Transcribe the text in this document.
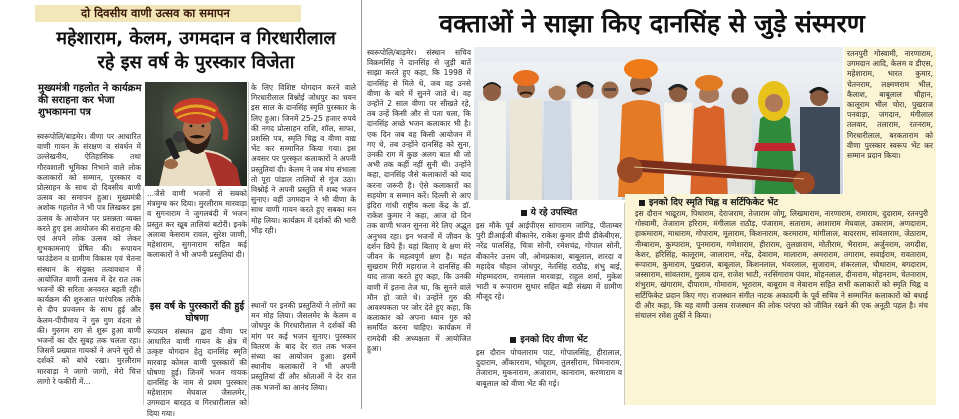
दो दिवसीय वाणी उत्सव का समापन
महेशाराम, केलम, उगमदान व गिरधारीलाल
रहे इस वर्ष के पुरस्कार विजेता
मुख्यमंत्री गहलोत ने कार्यक्रम की सराहना कर भेजा शुभकामना पत्र

स्वरूपोलि/बाड़मेर। वीणा पर आधारित वाणी गायन के संरक्षण व संवर्धन में उल्लेखनीय, ऐतिहासिक तथा गौरवशाली भूमिका निभाने वाले लोक कलाकारों को सम्मान, पुरस्कार व प्रोत्साहन के साथ दो दिवसीय वाणी उत्सव का समापन हुआ। मुख्यमंत्री अशोक गहलोत ने भी पत्र लिखकर इस उत्सव के आयोजन पर प्रसन्नता व्यक्त करते हुए इस आयोजन की सराहना की एवं अपने लोक उत्सव को लेकर शुभकामनाएं प्रेषित की। रूपायन फाउंडेशन व ग्रामीण विकास एवं चेतना संस्थान के संयुक्त तत्वावधान में आयोजित वाणी उत्सव में देर रात तक भजनों की सरिता अनवरत बहती रही। कार्यक्रम की शुरुआत पारंपरिक तरीके से दीप प्रज्वलन के साथ हुई और केलम-पीपीमाय ने गुरु गुण वंदना से की। गुरुगम राग से शुरू हुआ वाणी भजनों का दौर सुबह तक चलता रहा। जिसमें प्रख्यात गायकों ने अपने सुरों से दर्शकों को बांधे रखा। मुरलीराम मारवाड़ा ने जागो जागो, मेरो चित्त लागो रे फकीरी में...

...जैसे वाणी भजनों से सबको मंत्रमुग्ध कर दिया। मुरलीराम मारवाड़ा व सुगनाराम ने जुगलबंदी में भजन प्रस्तुत कर खूब तालियां बटोरी। इनके अलावा केसराम रावल, सुरेश जाणी, महेशाराम, सुगनाराम सहित कई कलाकारों ने भी अपनी प्रस्तुतियां दी।

इस वर्ष के पुरस्कारों की हुई घोषणा

रूपायन संस्थान द्वारा वीणा पर आधारित वाणी गायन के क्षेत्र में उत्कृष्ट योगदान हेतु दानसिंह स्मृति मारवाड़ कोमल वाणी पुरस्कारों की घोषणा हुई। जिनमें भजन गायक दानसिंह के नाम से प्रथम पुरस्कार महेशाराम मेघवाल जैसलमेर, उगमदान बारहठ व गिरधारीलाल को दिया गया।

के लिए विशिष्ट योगदान करने वाले गिरधारीलाल विश्नोई जोधपुर का चयन इस साल के दानसिंह स्मृति पुरस्कार के लिए हुआ। जिनमें 25-25 हजार रुपये की नगद प्रोत्साहन राशि, शॉल, साफा, प्रशस्ति पत्र, स्मृति चिह्न व वीणा वाद्य भेंट कर सम्मानित किया गया। इस अवसर पर पुरस्कृत कलाकारों ने अपनी प्रस्तुतियां दी। केलम ने जब मंच संभाला तो पूरा पांडाल तालियों से गूंज उठा। विश्नोई ने अपनी प्रस्तुति में शब्द भजन सुनाए। वहीं उगमदान ने भी वीणा के साथ वाणी गायन करते हुए सबका मन मोह लिया। कार्यक्रम में दर्शकों की भारी भीड़ रही।

स्थानों पर इनकी प्रस्तुतियों ने लोगों का मन मोह लिया। जैसलमेर के केलम व जोधपुर के गिरधारीलाल ने दर्शकों की मांग पर कई भजन सुनाए। पुरस्कार वितरण के बाद देर रात तक भजन संध्या का आयोजन हुआ। इसमें स्थानीय कलाकारों ने भी अपनी प्रस्तुतियां दीं और श्रोताओं ने देर रात तक भजनों का आनंद लिया।

वक्ताओं ने साझा किए दानसिंह से जुड़े संस्मरण

स्वरूपोलि/बाड़मेर। संस्थान सचिव विक्रमसिंह ने दानसिंह से जुड़ी बातें साझा करते हुए कहा, कि 1998 में दानसिंह से मिले थे, जब वह उनसे वीणा के बारे में सुनने जाते थे। वह उन्होंने 2 साल वीणा पर सीखते रहे, तब उन्हें किसी और से पता चला, कि दानसिंह अच्छे भजन कलाकार भी है। एक दिन जब वह किसी आयोजन में गए थे, तब उन्होंने दानसिंह को सुना, उनकी राग में कुछ अलग बात थी जो अभी तक कहीं नहीं सुनी थी। उन्होंने कहा, दानसिंह जैसे कलाकारों को याद करना जरूरी है। ऐसे कलाकारों का सहयोग व सम्मान करें। दिल्ली से आए इंदिरा गांधी राष्ट्रीय कला केंद्र के डॉ. राकेश कुमार ने कहा, आज दो दिन तक वाणी भजन सुनना मेरे लिए अद्भुत अनुभव रहा। इन भजनों में जीवन के दर्शन छिपे हैं। यहां बिताए ये क्षण मेरे जीवन के महत्वपूर्ण क्षण है। महंत सुखराम गिरी महाराज ने दानसिंह की याद ताजा करते हुए कहा, कि उनकी वाणी में इतना तेज था, कि सुनने वाले मौन हो जाते थे। उन्होंने गुरु की आवश्यकता पर जोर देते हुए कहा, कि कलाकार को अपना ध्यान गुरु को समर्पित करना चाहिए। कार्यक्रम में रामदेवी की अध्यक्षता में आयोजित हुआ।

रतनपुरी गोस्वामी, नारणाराम, उगमदान आदि, केलम व डीएस, महेशाराम, भारत कुमार, चेतनराम, लक्ष्मणराम भील, कैलाश, बाबूलाल चौहान, कालूराम भील चोरा, पुखराज पनवाड़ा, जगदान, मंगीलाल तलवार, तलाराम, रतनराम, गिरधारीलाल, बरकताराम को वीणा पुरस्कार स्वरूप भेंट कर सम्मान प्रदान किया।

ये रहे उपस्थित

इस मौके पूर्व आईपीएस सांगाराम जांगिड़, पीताम्बर पुरी डीआईजी बीकानेर, राकेश कुमार डीपी डीकेबीएस, नरेंद्र पालसिंह, चित्रा सोनी, रमेशचंद्र, गोपाल सोनी, बीकानेर उत्तम जी, ओमप्रकाश, बाबूलाल, शारदा व महादेव चौहान जोधपुर, नेतसिंह राठौड़, शंभु बाई, मोहम्मदराम, रामलाल मारवाड़ा, राहुल शर्मा, मुकेश भाटी व रूपाराम सुथार सहित बड़ी संख्या में ग्रामीण मौजूद रहे।

इनको दिए वीणा भेंट

इस दौरान पोचलाराम पाट, गोपालसिंह, हीरालाल, दुदाराम, औंकारराम, भोदूराम, तुलसीराम, चिमनाराम, तेजाराम, मुकनाराम, अजाराम, कानाराम, करणाराम व बाबूलाल को वीणा भेंट की गई।

इनको दिए स्मृति चिह्न व सर्टिफिकेट भेंट

इस दौरान भाद्रूराम, पिथाराम, देराजराम, तेजाराम जोगू, लिखमाराम, नारणाराम, रामाराम, दुदाराम, रतनपुरी गोस्वामी, तेजाराम हरिराम, मंगीलाल राठौड़, पंजाराम, सताराम, आशाराम मेघवाल, उकाराम, अणदाराम, हाकमाराम, माधाराम, गोपाराम, मूलाराम, किशनाराम, करमाराम, मांगीलाल, बादरराम, सांवलाराम, जेठाराम, नीम्बाराम, कुम्पाराम, पूनमाराम, गणेशाराम, हीराराम, तुलछाराम, मोतीराम, भैराराम, अर्जुनराम, जगदीश, केशर, हरिसिंह, कालूराम, जालाराम, नरेंद्र, देवाराम, मालाराम, अमराराम, तगाराम, सवाईराम, रावताराम, रूपाराम, कुमाराम, पुखराज, बाबूलाल, किशनलाल, भंवरलाल, सुजाराम, शंकरलाल, चौथाराम, बगदाराम, जस्साराम, सांवतराम, गुलाब दान, राजेश भाटी, नरसिंगाराम पंवार, मोहनलाल, दीनाराम, मोहनराम, चेतनाराम, शंभुराम, खंगाराम, दीपाराम, गोमाराम, भूराराम, बाबूराम व मेवाराम सहित सभी कलाकारों को स्मृति चिह्न व सर्टिफिकेट प्रदान किए गए। राजस्थान संगीत नाटक अकादमी के पूर्व सचिव ने सम्मानित कलाकारों को बधाई दी और कहा, कि यह वाणी उत्सव राजस्थान की लोक परंपरा को जीवित रखने की एक अनूठी पहल है। मंच संचालन रमेश तुर्की ने किया।
